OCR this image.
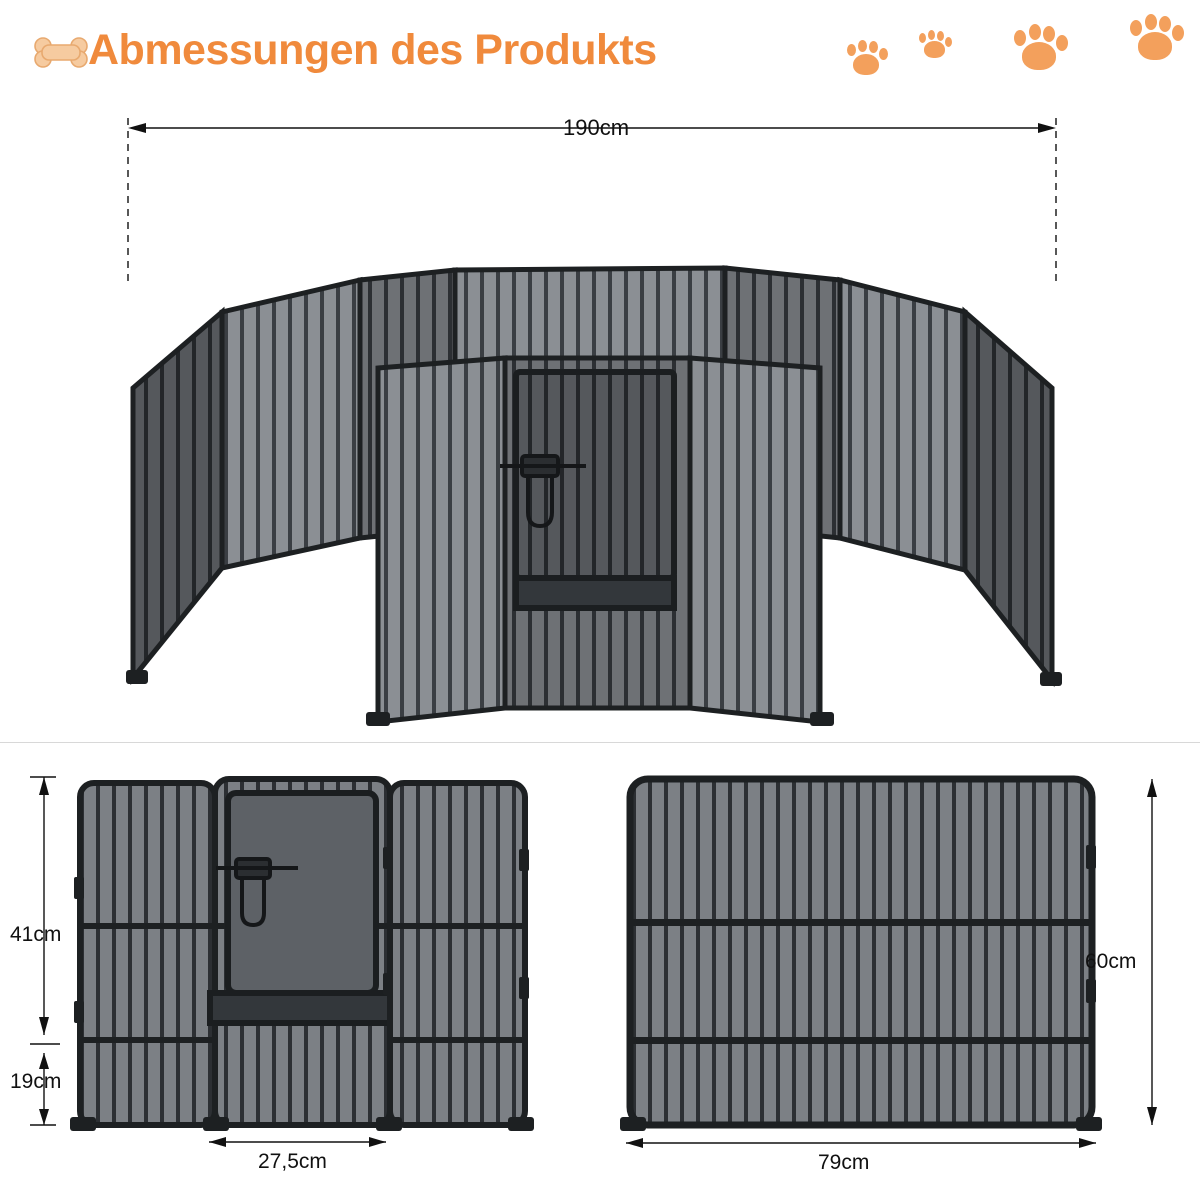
Abmessungen des Produkts
190cm
41cm
19cm
27,5cm
60cm
79cm
